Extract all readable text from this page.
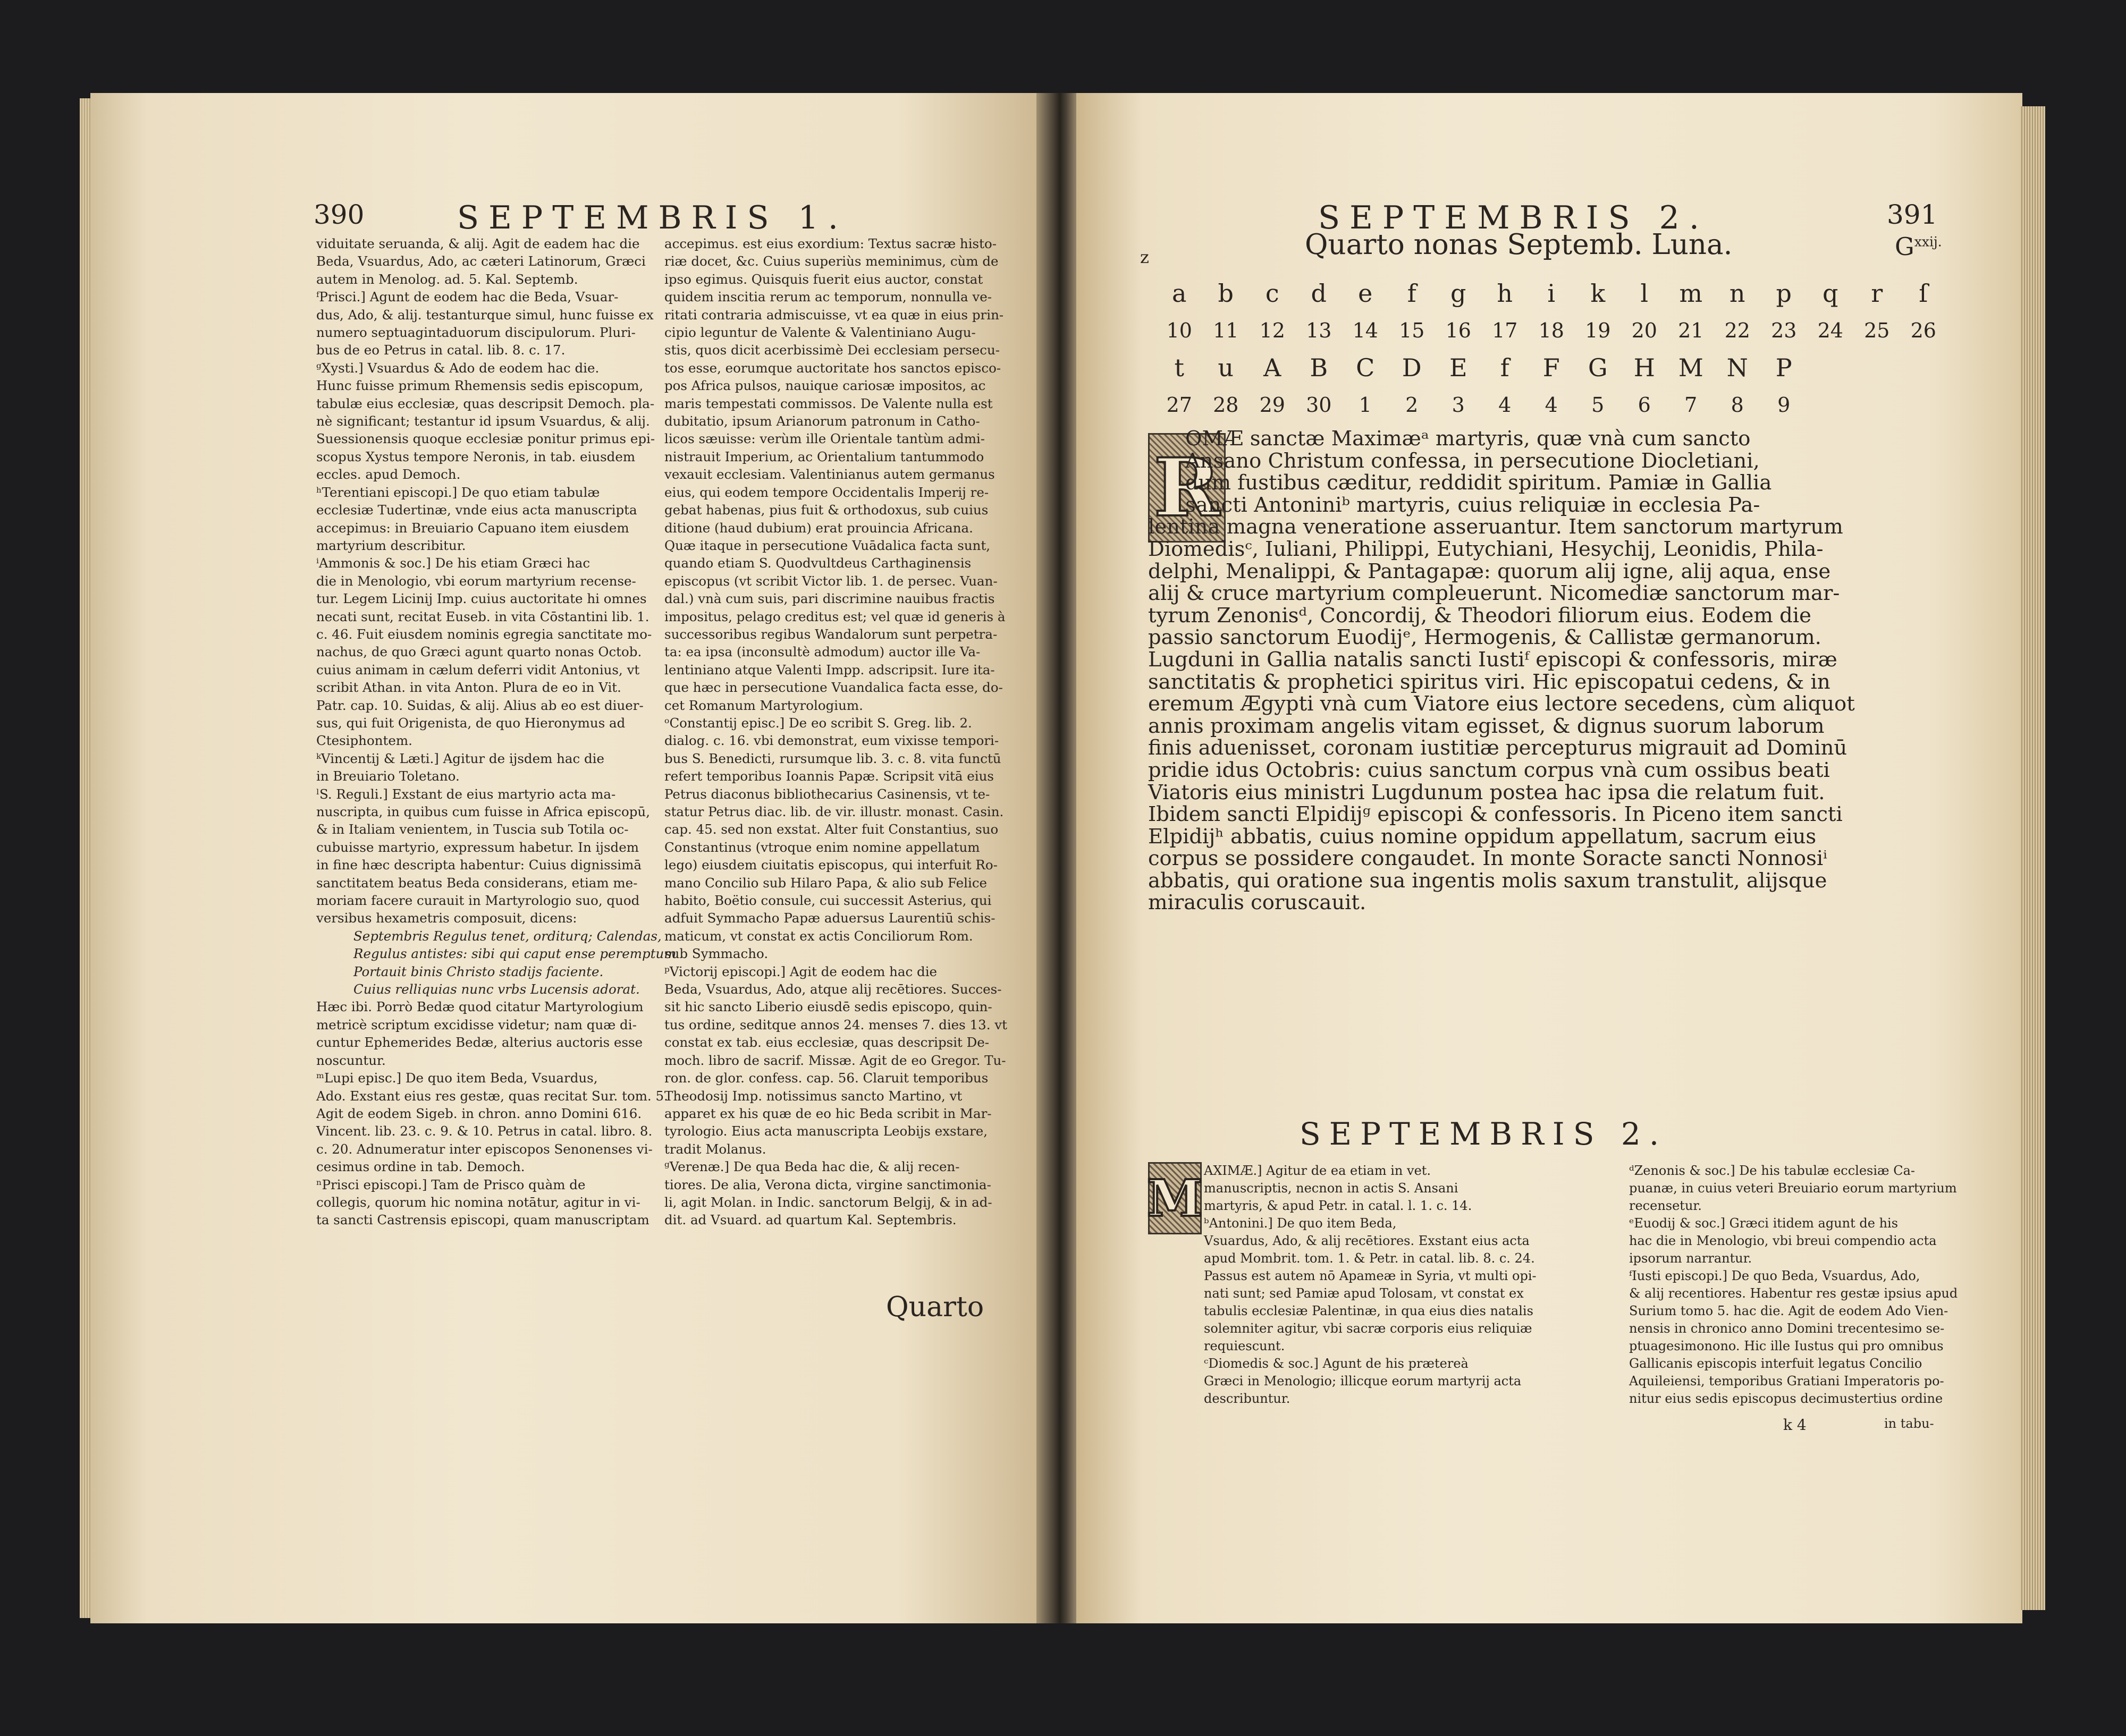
390	SEPTEMBRIS 1.

viduitate seruanda, & alij. Agit de eadem hac die

Beda, Vsuardus, Ado, ac cæteri Latinorum, Græci

autem in Menolog. ad. 5. Kal. Septemb.

ᶠPrisci.] Agunt de eodem hac die Beda, Vsuar-

dus, Ado, & alij. testanturque simul, hunc fuisse ex

numero septuagintaduorum discipulorum. Pluri-

bus de eo Petrus in catal. lib. 8. c. 17.

ᵍXysti.] Vsuardus & Ado de eodem hac die.

Hunc fuisse primum Rhemensis sedis episcopum,

tabulæ eius ecclesiæ, quas descripsit Democh. pla-

nè significant; testantur id ipsum Vsuardus, & alij.

Suessionensis quoque ecclesiæ ponitur primus epi-

scopus Xystus tempore Neronis, in tab. eiusdem

eccles. apud Democh.

ʰTerentiani episcopi.] De quo etiam tabulæ

ecclesiæ Tudertinæ, vnde eius acta manuscripta

accepimus: in Breuiario Capuano item eiusdem

martyrium describitur.

ⁱAmmonis & soc.] De his etiam Græci hac

die in Menologio, vbi eorum martyrium recense-

tur. Legem Licinij Imp. cuius auctoritate hi omnes

necati sunt, recitat Euseb. in vita Cōstantini lib. 1.

c. 46. Fuit eiusdem nominis egregia sanctitate mo-

nachus, de quo Græci agunt quarto nonas Octob.

cuius animam in cælum deferri vidit Antonius, vt

scribit Athan. in vita Anton. Plura de eo in Vit.

Patr. cap. 10. Suidas, & alij. Alius ab eo est diuer-

sus, qui fuit Origenista, de quo Hieronymus ad

Ctesiphontem.

ᵏVincentij & Læti.] Agitur de ijsdem hac die

in Breuiario Toletano.

ˡS. Reguli.] Exstant de eius martyrio acta ma-

nuscripta, in quibus cum fuisse in Africa episcopū,

& in Italiam venientem, in Tuscia sub Totila oc-

cubuisse martyrio, expressum habetur. In ijsdem

in fine hæc descripta habentur: Cuius dignissimā

sanctitatem beatus Beda considerans, etiam me-

moriam facere curauit in Martyrologio suo, quod

versibus hexametris composuit, dicens:

Septembris Regulus tenet, orditurq; Calendas,

Regulus antistes: sibi qui caput ense peremptum

Portauit binis Christo stadijs faciente.

Cuius relliquias nunc vrbs Lucensis adorat.

Hæc ibi. Porrò Bedæ quod citatur Martyrologium

metricè scriptum excidisse videtur; nam quæ di-

cuntur Ephemerides Bedæ, alterius auctoris esse

noscuntur.

ᵐLupi episc.] De quo item Beda, Vsuardus,

Ado. Exstant eius res gestæ, quas recitat Sur. tom. 5.

Agit de eodem Sigeb. in chron. anno Domini 616.

Vincent. lib. 23. c. 9. & 10. Petrus in catal. libro. 8.

c. 20. Adnumeratur inter episcopos Senonenses vi-

cesimus ordine in tab. Democh.

ⁿPrisci episcopi.] Tam de Prisco quàm de

collegis, quorum hic nomina notātur, agitur in vi-

ta sancti Castrensis episcopi, quam manuscriptam

accepimus. est eius exordium: Textus sacræ histo-

riæ docet, &c. Cuius superiùs meminimus, cùm de

ipso egimus. Quisquis fuerit eius auctor, constat

quidem inscitia rerum ac temporum, nonnulla ve-

ritati contraria admiscuisse, vt ea quæ in eius prin-

cipio leguntur de Valente & Valentiniano Augu-

stis, quos dicit acerbissimè Dei ecclesiam persecu-

tos esse, eorumque auctoritate hos sanctos episco-

pos Africa pulsos, nauique cariosæ impositos, ac

maris tempestati commissos. De Valente nulla est

dubitatio, ipsum Arianorum patronum in Catho-

licos sæuisse: verùm ille Orientale tantùm admi-

nistrauit Imperium, ac Orientalium tantummodo

vexauit ecclesiam. Valentinianus autem germanus

eius, qui eodem tempore Occidentalis Imperij re-

gebat habenas, pius fuit & orthodoxus, sub cuius

ditione (haud dubium) erat prouincia Africana.

Quæ itaque in persecutione Vuādalica facta sunt,

quando etiam S. Quodvultdeus Carthaginensis

episcopus (vt scribit Victor lib. 1. de persec. Vuan-

dal.) vnà cum suis, pari discrimine nauibus fractis

impositus, pelago creditus est; vel quæ id generis à

successoribus regibus Wandalorum sunt perpetra-

ta: ea ipsa (inconsultè admodum) auctor ille Va-

lentiniano atque Valenti Impp. adscripsit. Iure ita-

que hæc in persecutione Vuandalica facta esse, do-

cet Romanum Martyrologium.

ᵒConstantij episc.] De eo scribit S. Greg. lib. 2.

dialog. c. 16. vbi demonstrat, eum vixisse tempori-

bus S. Benedicti, rursumque lib. 3. c. 8. vita functū

refert temporibus Ioannis Papæ. Scripsit vitā eius

Petrus diaconus bibliothecarius Casinensis, vt te-

statur Petrus diac. lib. de vir. illustr. monast. Casin.

cap. 45. sed non exstat. Alter fuit Constantius, suo

Constantinus (vtroque enim nomine appellatum

lego) eiusdem ciuitatis episcopus, qui interfuit Ro-

mano Concilio sub Hilaro Papa, & alio sub Felice

habito, Boëtio consule, cui successit Asterius, qui

adfuit Symmacho Papæ aduersus Laurentiū schis-

maticum, vt constat ex actis Conciliorum Rom.

sub Symmacho.

ᵖVictorij episcopi.] Agit de eodem hac die

Beda, Vsuardus, Ado, atque alij recētiores. Succes-

sit hic sancto Liberio eiusdē sedis episcopo, quin-

tus ordine, seditque annos 24. menses 7. dies 13. vt

constat ex tab. eius ecclesiæ, quas descripsit De-

moch. libro de sacrif. Missæ. Agit de eo Gregor. Tu-

ron. de glor. confess. cap. 56. Claruit temporibus

Theodosij Imp. notissimus sancto Martino, vt

apparet ex his quæ de eo hic Beda scribit in Mar-

tyrologio. Eius acta manuscripta Leobijs exstare,

tradit Molanus.

ᵍVerenæ.] De qua Beda hac die, & alij recen-

tiores. De alia, Verona dicta, virgine sanctimonia-

li, agit Molan. in Indic. sanctorum Belgij, & in ad-

dit. ad Vsuard. ad quartum Kal. Septembris.

Quarto
SEPTEMBRIS 2.	391
z	Quarto nonas Septemb. Luna.	$G^{xxij.}$
a	b	c	d	e	f	g	h	i	k	l	m	n	p	q	r	ſ
10	11	12	13	14	15	16	17	18	19	20	21	22	23	24	25	26
t	u	A	B	C	D	E	f	F	G	H M N	P
27	28	29	30	1	2	3	4	4	5	6	7	8	9
R

OMÆ sanctæ Maximæᵃ martyris, quæ vnà cum sancto

Ansano Christum confessa, in persecutione Diocletiani,

dum fustibus cæditur, reddidit spiritum. Pamiæ in Gallia

sancti Antoniniᵇ martyris, cuius reliquiæ in ecclesia Pa-

lentina magna veneratione asseruantur. Item sanctorum martyrum

Diomedisᶜ, Iuliani, Philippi, Eutychiani, Hesychij, Leonidis, Phila-

delphi, Menalippi, & Pantagapæ: quorum alij igne, alij aqua, ense

alij & cruce martyrium compleuerunt. Nicomediæ sanctorum mar-

tyrum Zenonisᵈ, Concordij, & Theodori filiorum eius. Eodem die

passio sanctorum Euodijᵉ, Hermogenis, & Callistæ germanorum.

Lugduni in Gallia natalis sancti Iustiᶠ episcopi & confessoris, miræ

sanctitatis & prophetici spiritus viri. Hic episcopatui cedens, & in

eremum Ægypti vnà cum Viatore eius lectore secedens, cùm aliquot

annis proximam angelis vitam egisset, & dignus suorum laborum

finis aduenisset, coronam iustitiæ percepturus migrauit ad Dominū

pridie idus Octobris: cuius sanctum corpus vnà cum ossibus beati

Viatoris eius ministri Lugdunum postea hac ipsa die relatum fuit.

Ibidem sancti Elpidijᵍ episcopi & confessoris. In Piceno item sancti

Elpidijʰ abbatis, cuius nomine oppidum appellatum, sacrum eius

corpus se possidere congaudet. In monte Soracte sancti Nonnosiⁱ

abbatis, qui oratione sua ingentis molis saxum transtulit, alijsque

miraculis coruscauit.

SEPTEMBRIS 2.
M AXIMÆ.] Agitur de ea etiam in vet.

manuscriptis, necnon in actis S. Ansani

martyris, & apud Petr. in catal. l. 1. c. 14.

ᵇAntonini.] De quo item Beda,

Vsuardus, Ado, & alij recētiores. Exstant eius acta

apud Mombrit. tom. 1. & Petr. in catal. lib. 8. c. 24.

Passus est autem nō Apameæ in Syria, vt multi opi-

nati sunt; sed Pamiæ apud Tolosam, vt constat ex

tabulis ecclesiæ Palentinæ, in qua eius dies natalis

solemniter agitur, vbi sacræ corporis eius reliquiæ

requiescunt.

ᶜDiomedis & soc.] Agunt de his prætereà

Græci in Menologio; illicque eorum martyrij acta

describuntur.

ᵈZenonis & soc.] De his tabulæ ecclesiæ Ca-

puanæ, in cuius veteri Breuiario eorum martyrium

recensetur.

ᵉEuodij & soc.] Græci itidem agunt de his

hac die in Menologio, vbi breui compendio acta

ipsorum narrantur.

ᶠIusti episcopi.] De quo Beda, Vsuardus, Ado,

& alij recentiores. Habentur res gestæ ipsius apud

Surium tomo 5. hac die. Agit de eodem Ado Vien-

nensis in chronico anno Domini trecentesimo se-

ptuagesimonono. Hic ille Iustus qui pro omnibus

Gallicanis episcopis interfuit legatus Concilio

Aquileiensi, temporibus Gratiani Imperatoris po-

nitur eius sedis episcopus decimustertius ordine

k 4	in tabu-
